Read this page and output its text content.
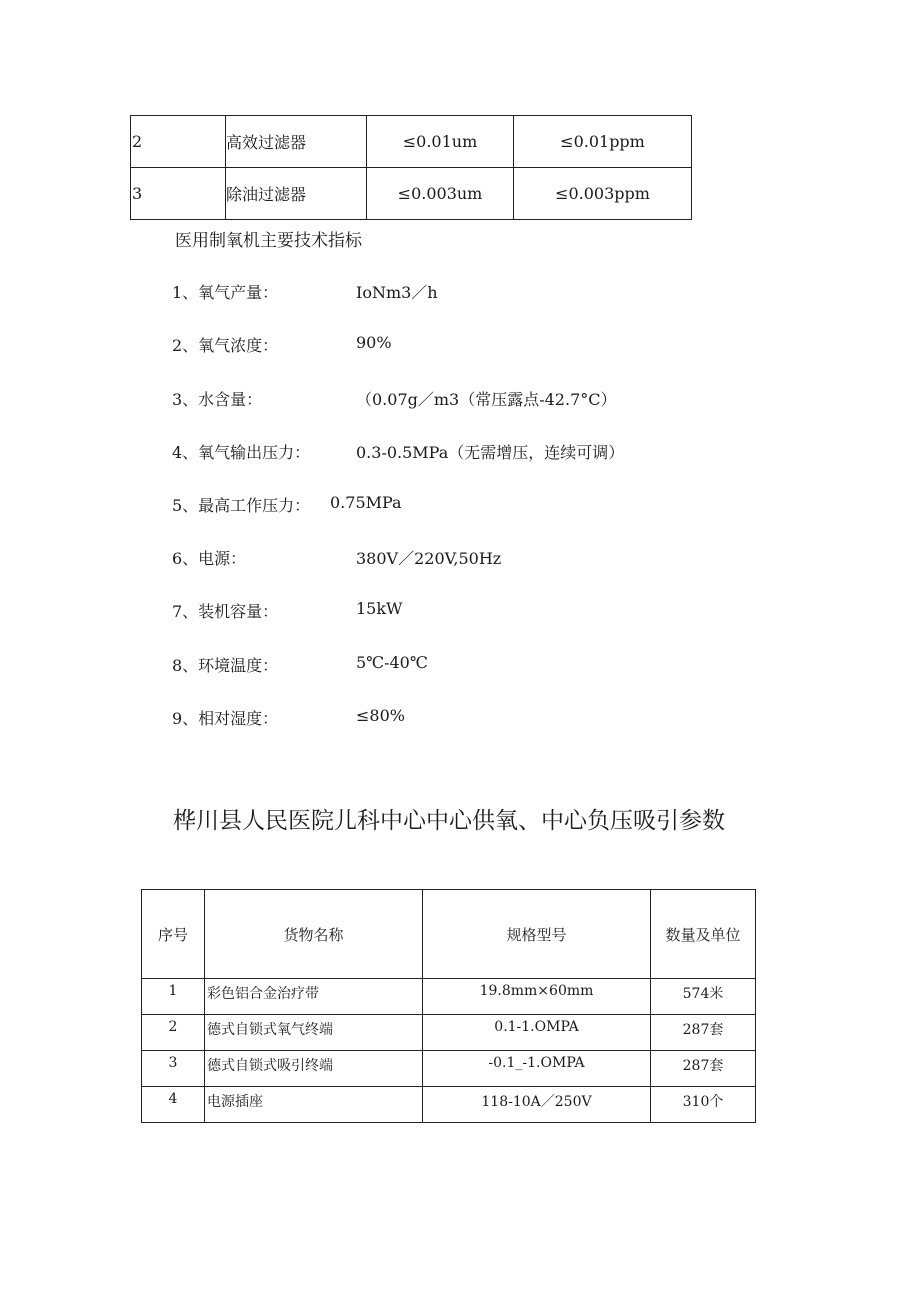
2	高效过滤器	≤0.01um	≤0.01ppm
3	除油过滤器	≤0.003um	≤0.003ppm
医用制氧机主要技术指标
1、氧气产量：	IoNm3／h
2、氧气浓度：	90%
3、水含量：	（0.07g／m3（常压露点-42.7°C）
4、氧气输出压力：	0.3-0.5MPa（无需增压，连续可调）
5、最高工作压力： 0.75MPa
6、电源：	380V／220V,50Hz
7、装机容量：	15kW
8、环境温度：	5℃-40℃
9、相对湿度：	≤80%
桦川县人民医院儿科中心中心供氧、中心负压吸引参数
序号	货物名称	规格型号	数量及单位
1	彩色铝合金治疗带	19.8mm×60mm	574米
2	德式自锁式氧气终端	0.1-1.OMPA	287套
3	德式自锁式吸引终端	-0.1_-1.OMPA	287套
4	电源插座	118-10A／250V	310个
